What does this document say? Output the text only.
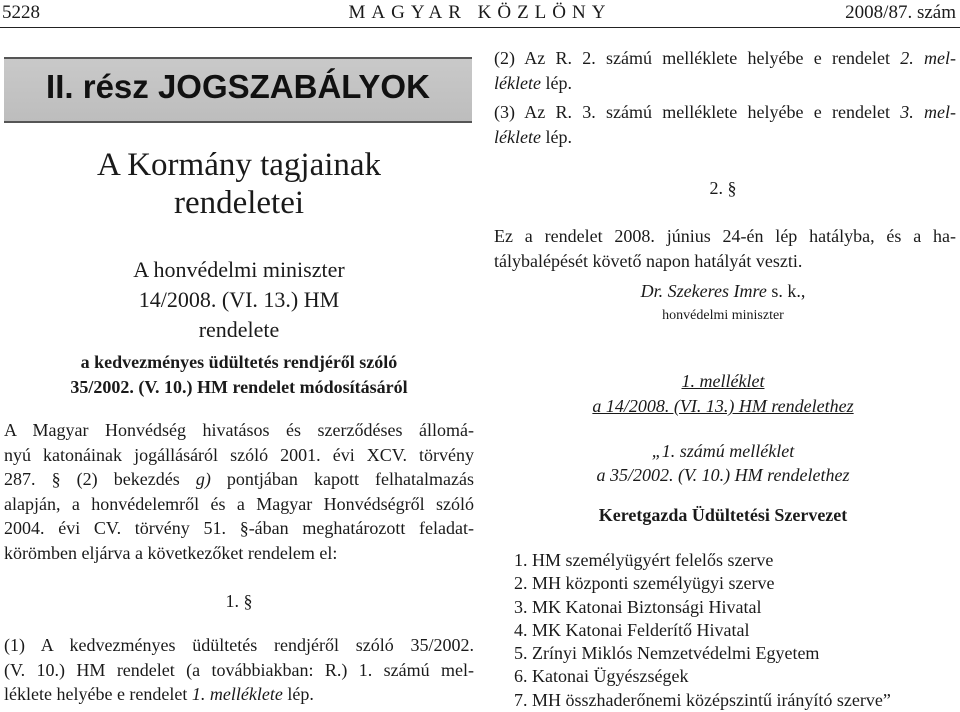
5228	MAGYAR KÖZLÖNY	2008/87. szám
II. rész JOGSZABÁLYOK
A Kormány tagjainak
rendeletei
A honvédelmi miniszter
14/2008. (VI. 13.) HM
rendelete
a kedvezményes üdültetés rendjéről szóló
35/2002. (V. 10.) HM rendelet módosításáról
A Magyar Honvédség hivatásos és szerződéses állomá-
nyú katonáinak jogállásáról szóló 2001. évi XCV. törvény
287. § (2) bekezdés g) pontjában kapott felhatalmazás
alapján, a honvédelemről és a Magyar Honvédségről szóló
2004. évi CV. törvény 51. §-ában meghatározott feladat-
körömben eljárva a következőket rendelem el:
1. §
(1) A kedvezményes üdültetés rendjéről szóló 35/2002.
(V. 10.) HM rendelet (a továbbiakban: R.) 1. számú mel-
léklete helyébe e rendelet 1. melléklete lép.
(2) Az R. 2. számú melléklete helyébe e rendelet 2. mel-
léklete lép.
(3) Az R. 3. számú melléklete helyébe e rendelet 3. mel-
léklete lép.
2. §
Ez a rendelet 2008. június 24-én lép hatályba, és a ha-
tálybalépését követő napon hatályát veszti.
Dr. Szekeres Imre s. k.,
honvédelmi miniszter
1. melléklet
a 14/2008. (VI. 13.) HM rendelethez
„1. számú melléklet
a 35/2002. (V. 10.) HM rendelethez
Keretgazda Üdültetési Szervezet
1. HM személyügyért felelős szerve
2. MH központi személyügyi szerve
3. MK Katonai Biztonsági Hivatal
4. MK Katonai Felderítő Hivatal
5. Zrínyi Miklós Nemzetvédelmi Egyetem
6. Katonai Ügyészségek
7. MH összhaderőnemi középszintű irányító szerve”
